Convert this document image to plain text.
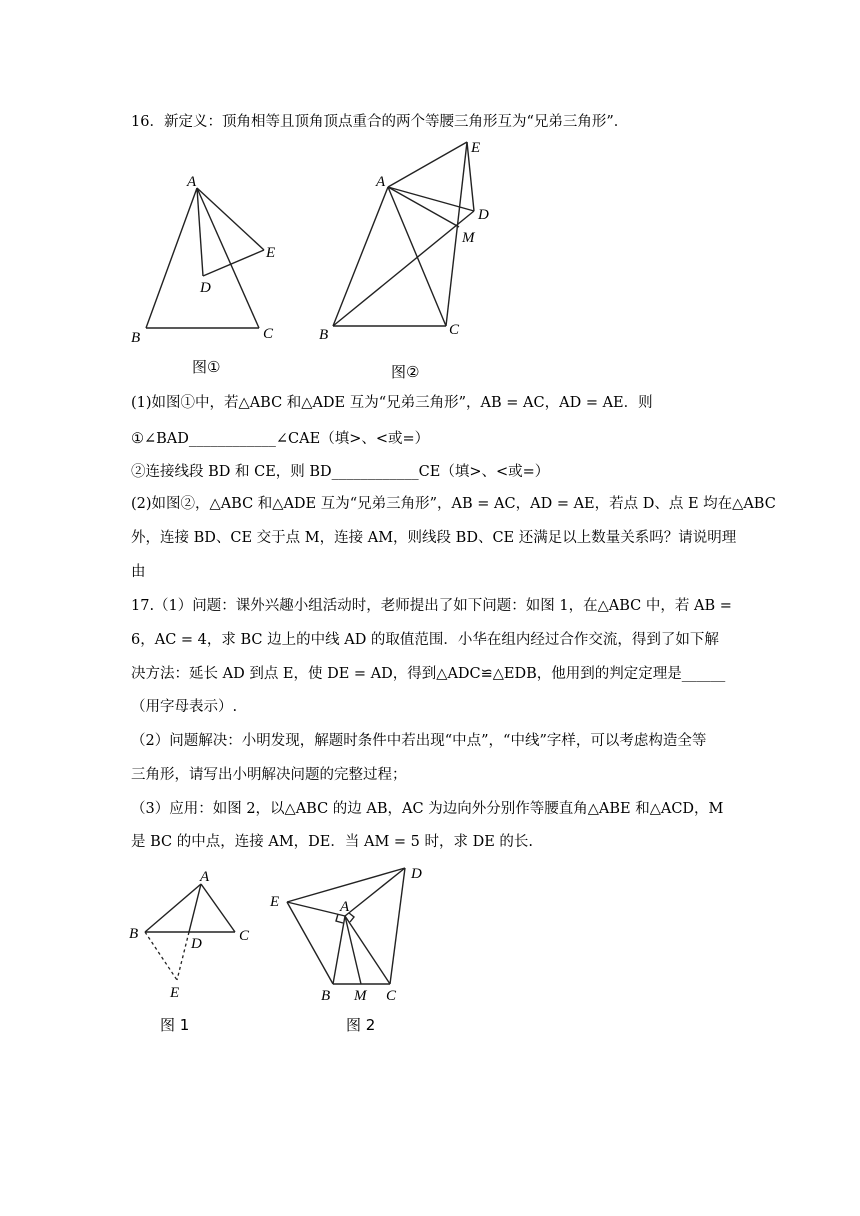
16．新定义：顶角相等且顶角顶点重合的两个等腰三角形互为“兄弟三角形”．
A
B	C
D
E
图①
A
B	C
D
E
M
图②
(1)如图①中，若△ABC 和△ADE 互为“兄弟三角形”，AB = AC，AD = AE．则
①∠BAD____________∠CAE（填>、<或=）
②连接线段 BD 和 CE，则 BD____________CE（填>、<或=）
(2)如图②，△ABC 和△ADE 互为“兄弟三角形”，AB = AC，AD = AE，若点 D、点 E 均在△ABC
外，连接 BD、CE 交于点 M，连接 AM，则线段 BD、CE 还满足以上数量关系吗？请说明理
由
17.（1）问题：课外兴趣小组活动时，老师提出了如下问题：如图 1，在△ABC 中，若 AB =
6，AC = 4，求 BC 边上的中线 AD 的取值范围．小华在组内经过合作交流，得到了如下解
决方法：延长 AD 到点 E，使 DE = AD，得到△ADC≌△EDB，他用到的判定定理是______
（用字母表示）.
（2）问题解决：小明发现，解题时条件中若出现“中点”，“中线”字样，可以考虑构造全等
三角形，请写出小明解决问题的完整过程；
（3）应用：如图 2，以△ABC 的边 AB，AC 为边向外分别作等腰直角△ABE 和△ACD，M
是 BC 的中点，连接 AM，DE．当 AM = 5 时，求 DE 的长.
A
B	C
D
E
图 1
E
D
A
B M C
图 2
